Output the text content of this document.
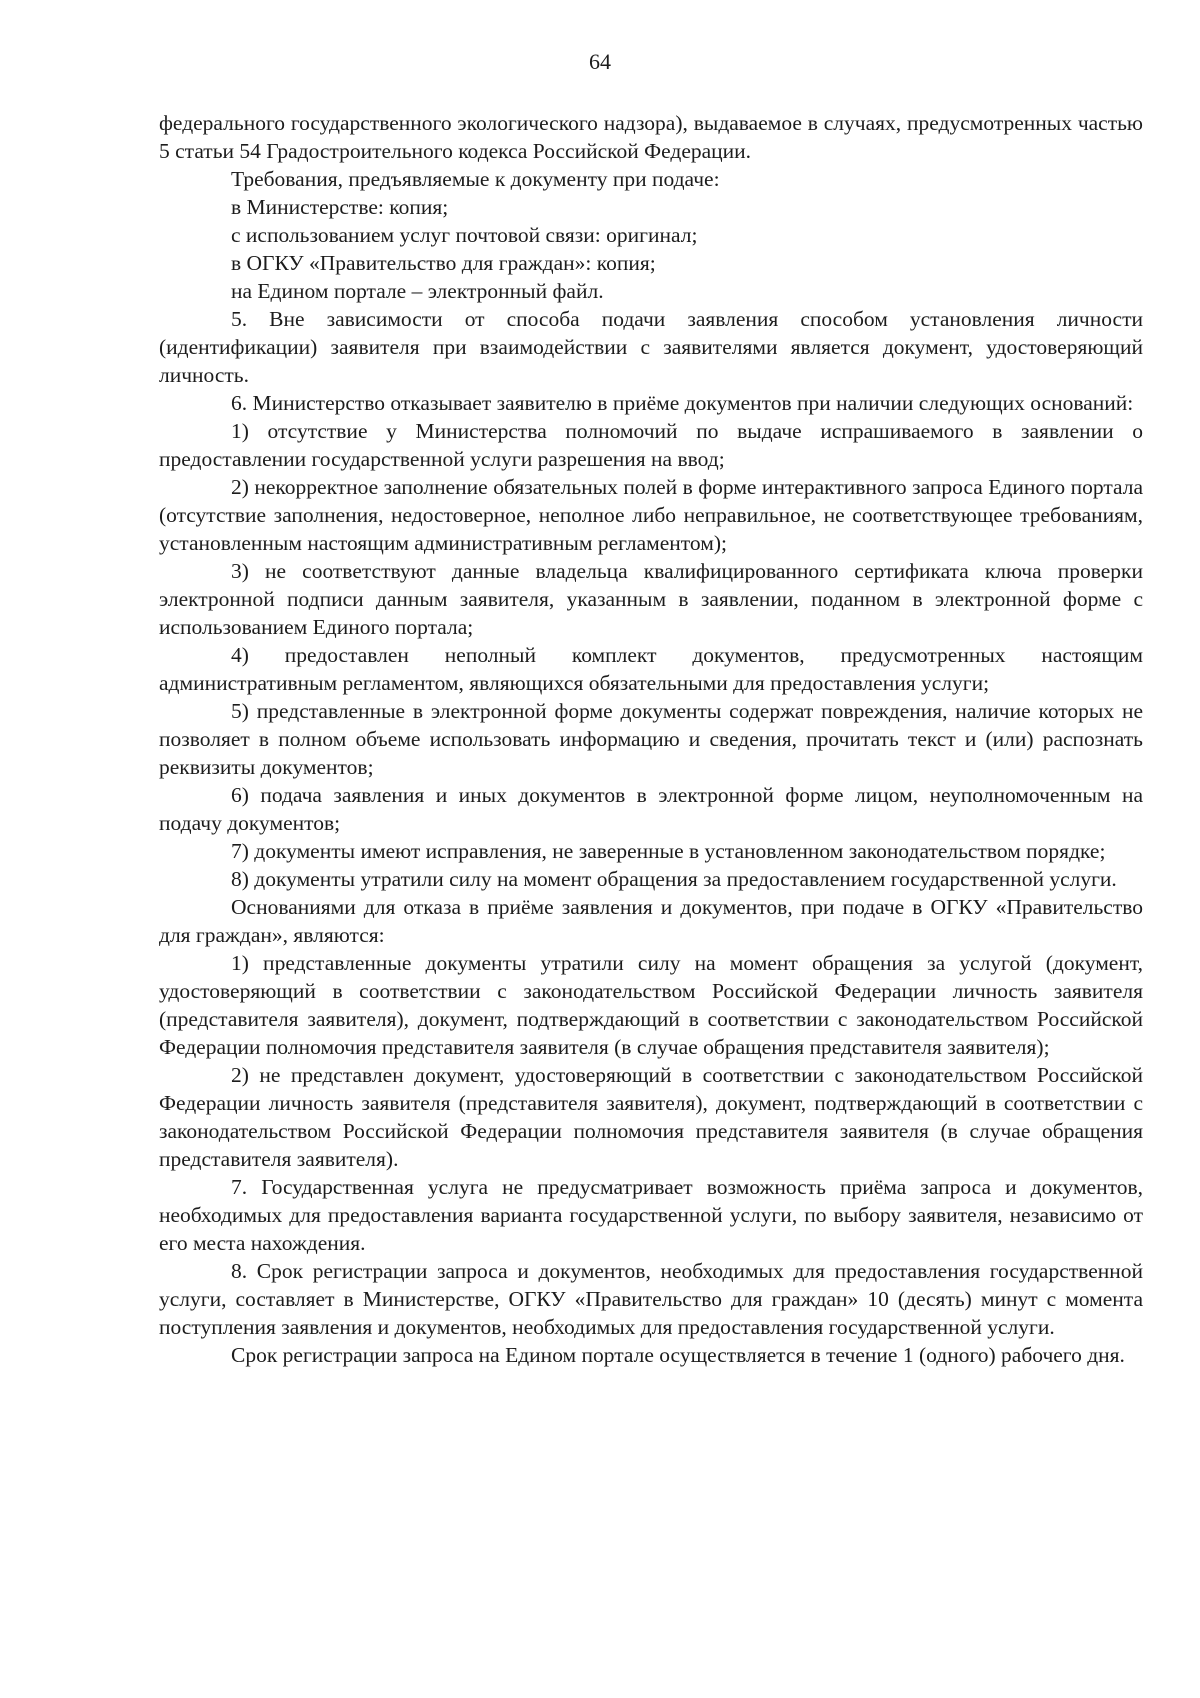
64

федерального государственного экологического надзора), выдаваемое в случаях, предусмотренных частью 5 статьи 54 Градостроительного кодекса Российской Федерации.

Требования, предъявляемые к документу при подаче:

в Министерстве: копия;

с использованием услуг почтовой связи: оригинал;

в ОГКУ «Правительство для граждан»: копия;

на Едином портале – электронный файл.

5. Вне зависимости от способа подачи заявления способом установления личности (идентификации) заявителя при взаимодействии с заявителями является документ, удостоверяющий личность.

6. Министерство отказывает заявителю в приёме документов при наличии следующих оснований:

1) отсутствие у Министерства полномочий по выдаче испрашиваемого в заявлении о предоставлении государственной услуги разрешения на ввод;

2) некорректное заполнение обязательных полей в форме интерактивного запроса Единого портала (отсутствие заполнения, недостоверное, неполное либо неправильное, не соответствующее требованиям, установленным настоящим административным регламентом);

3) не соответствуют данные владельца квалифицированного сертификата ключа проверки электронной подписи данным заявителя, указанным в заявлении, поданном в электронной форме с использованием Единого портала;

4) предоставлен неполный комплект документов, предусмотренных настоящим административным регламентом, являющихся обязательными для предоставления услуги;

5) представленные в электронной форме документы содержат повреждения, наличие которых не позволяет в полном объеме использовать информацию и сведения, прочитать текст и (или) распознать реквизиты документов;

6) подача заявления и иных документов в электронной форме лицом, неуполномоченным на подачу документов;

7) документы имеют исправления, не заверенные в установленном законодательством порядке;

8) документы утратили силу на момент обращения за предоставлением государственной услуги.

Основаниями для отказа в приёме заявления и документов, при подаче в ОГКУ «Правительство для граждан», являются:

1) представленные документы утратили силу на момент обращения за услугой (документ, удостоверяющий в соответствии с законодательством Российской Федерации личность заявителя (представителя заявителя), документ, подтверждающий в соответствии с законодательством Российской Федерации полномочия представителя заявителя (в случае обращения представителя заявителя);

2) не представлен документ, удостоверяющий в соответствии с законодательством Российской Федерации личность заявителя (представителя заявителя), документ, подтверждающий в соответствии с законодательством Российской Федерации полномочия представителя заявителя (в случае обращения представителя заявителя).

7. Государственная услуга не предусматривает возможность приёма запроса и документов, необходимых для предоставления варианта государственной услуги, по выбору заявителя, независимо от его места нахождения.

8. Срок регистрации запроса и документов, необходимых для предоставления государственной услуги, составляет в Министерстве, ОГКУ «Правительство для граждан» 10 (десять) минут с момента поступления заявления и документов, необходимых для предоставления государственной услуги.

Срок регистрации запроса на Едином портале осуществляется в течение 1 (одного) рабочего дня.
